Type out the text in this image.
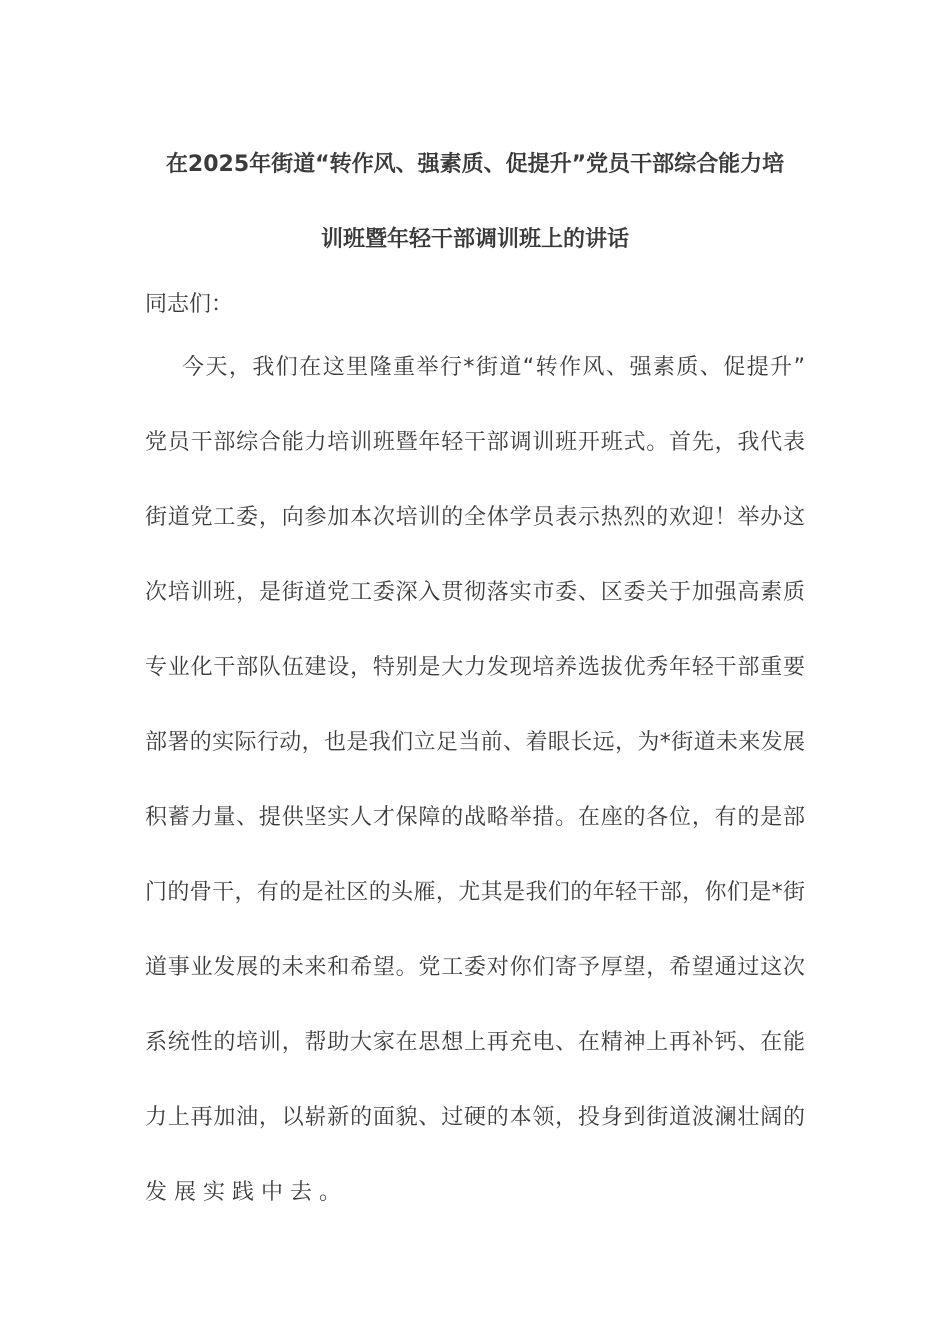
在2025年街道“转作风、强素质、促提升”党员干部综合能力培
训班暨年轻干部调训班上的讲话
同志们：
今天，我们在这里隆重举行*街道“转作风、强素质、促提升”
党员干部综合能力培训班暨年轻干部调训班开班式。首先，我代表
街道党工委，向参加本次培训的全体学员表示热烈的欢迎！举办这
次培训班，是街道党工委深入贯彻落实市委、区委关于加强高素质
专业化干部队伍建设，特别是大力发现培养选拔优秀年轻干部重要
部署的实际行动，也是我们立足当前、着眼长远，为*街道未来发展
积蓄力量、提供坚实人才保障的战略举措。在座的各位，有的是部
门的骨干，有的是社区的头雁，尤其是我们的年轻干部，你们是*街
道事业发展的未来和希望。党工委对你们寄予厚望，希望通过这次
系统性的培训，帮助大家在思想上再充电、在精神上再补钙、在能
力上再加油，以崭新的面貌、过硬的本领，投身到街道波澜壮阔的
发展实践中去。
